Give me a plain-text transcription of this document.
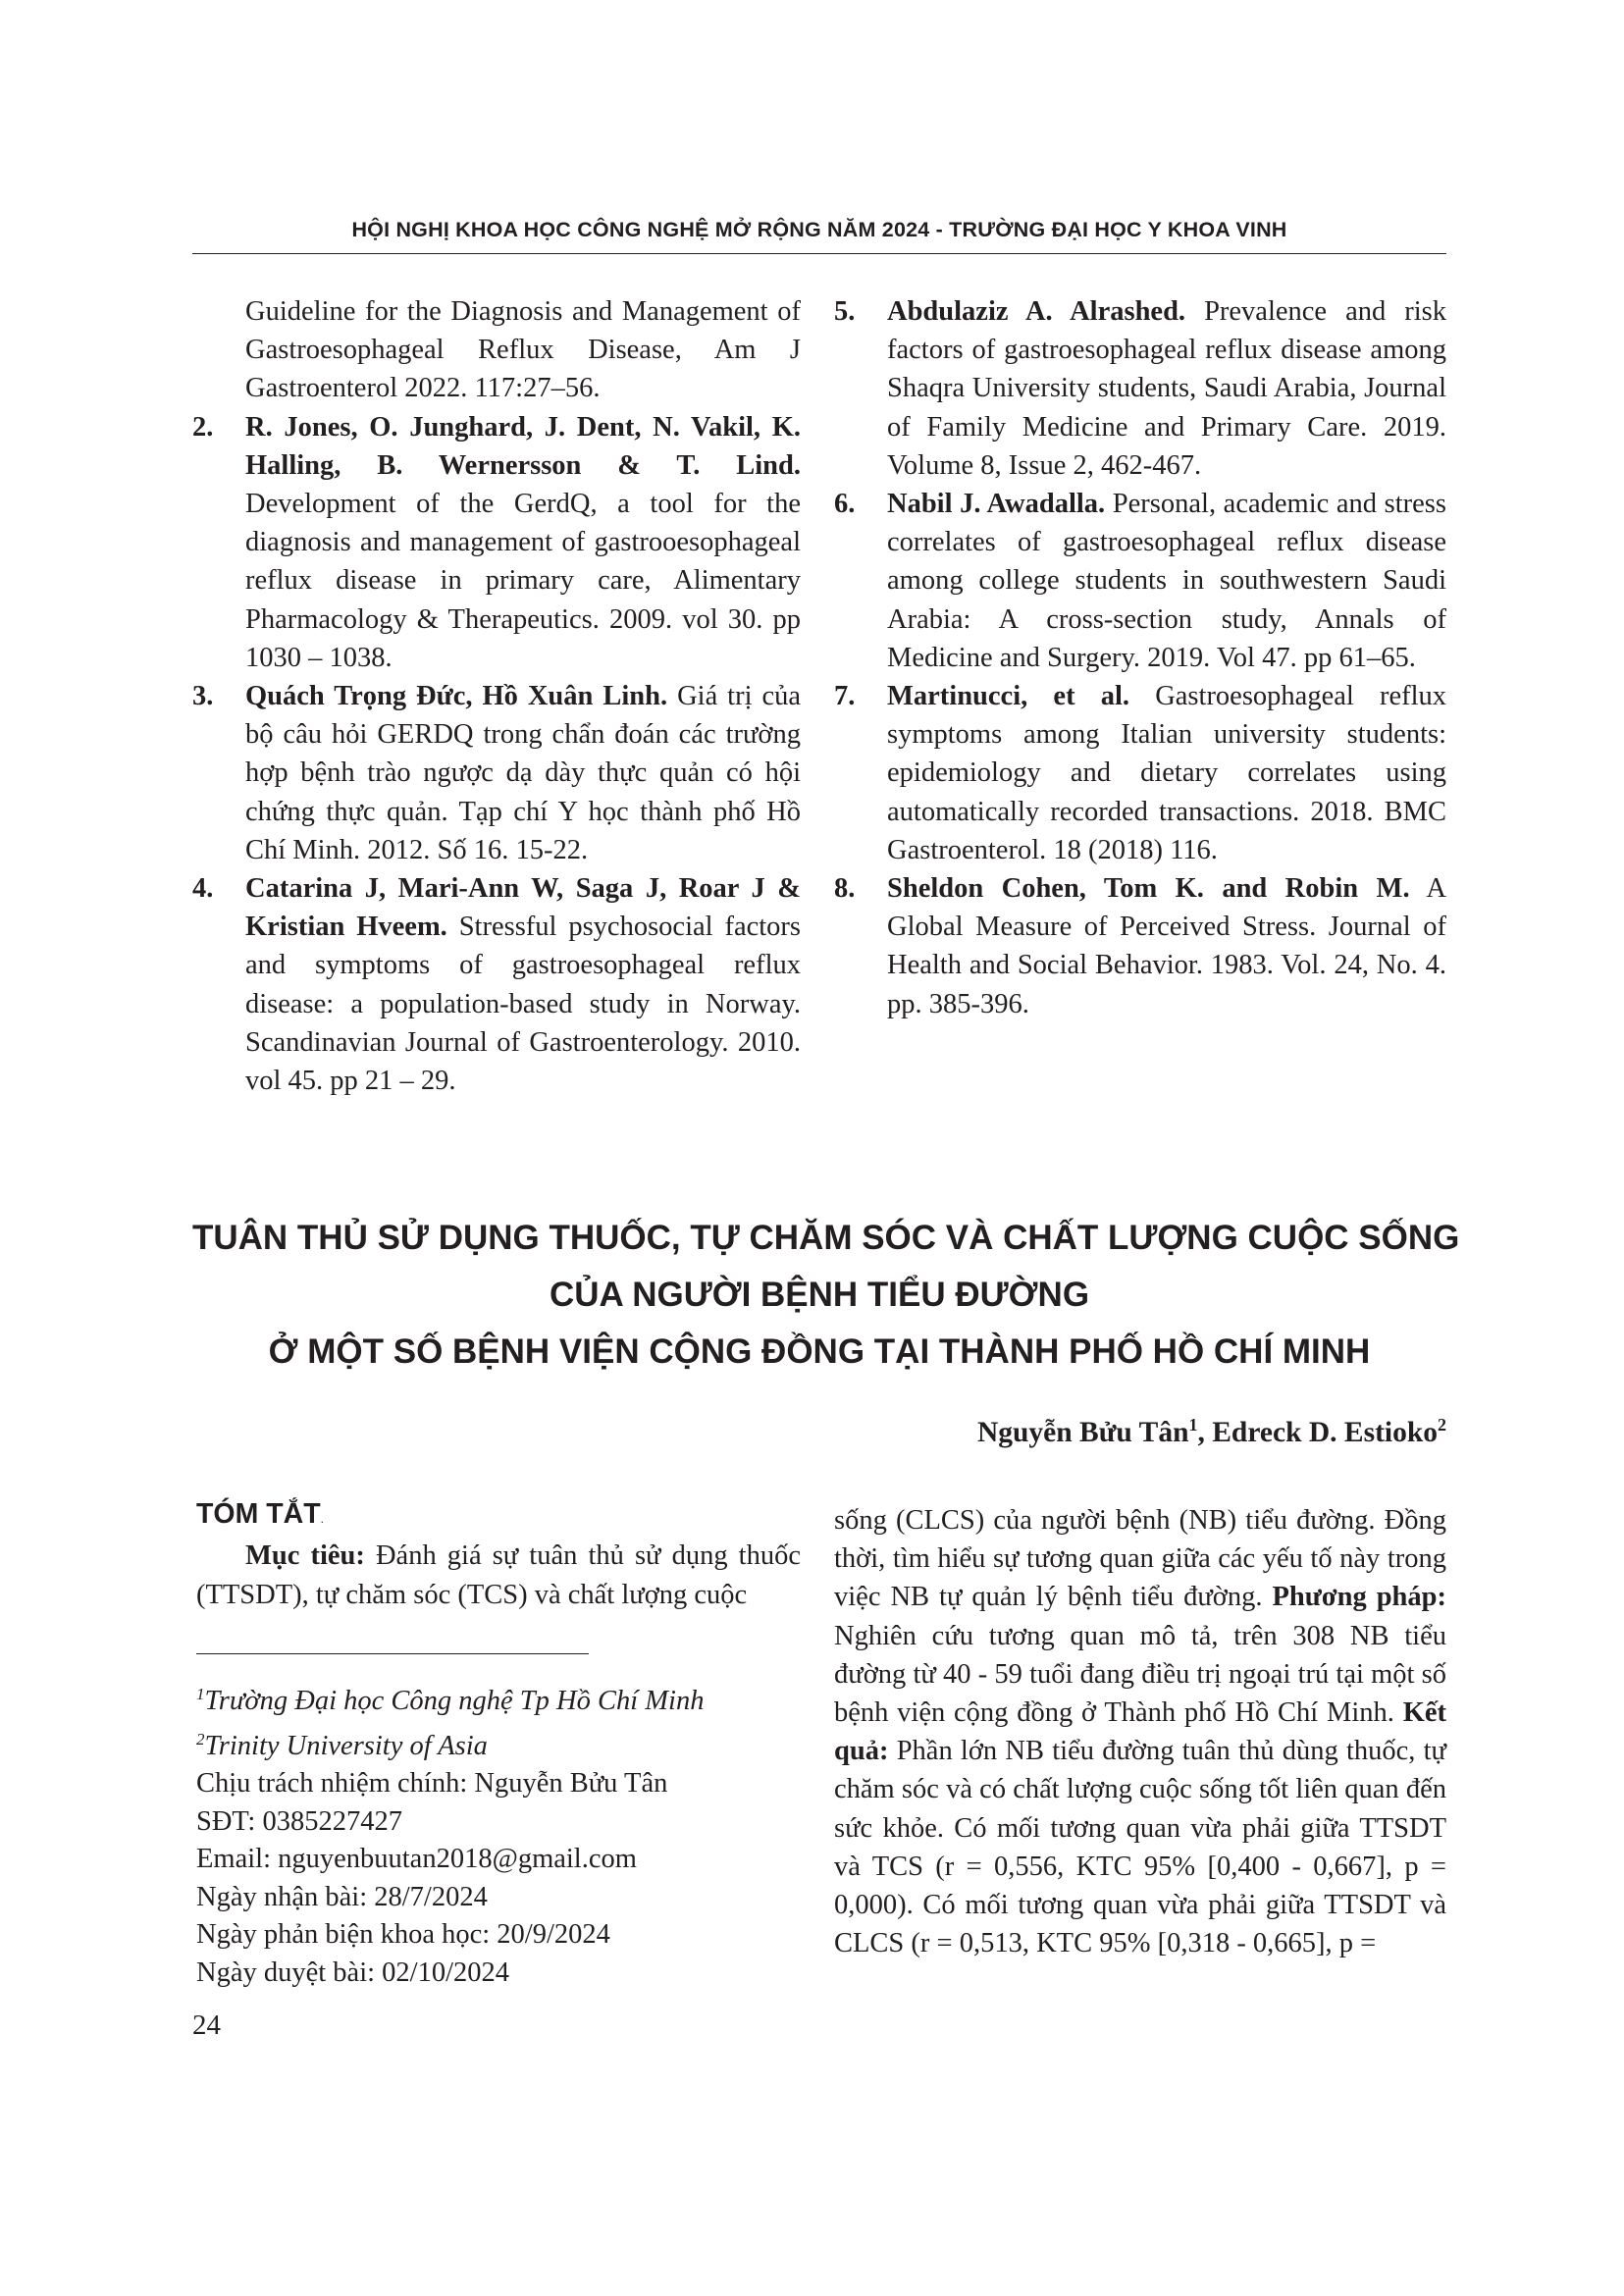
HỘI NGHỊ KHOA HỌC CÔNG NGHỆ MỞ RỘNG NĂM 2024 - TRƯỜNG ĐẠI HỌC Y KHOA VINH
Guideline for the Diagnosis and Management of Gastroesophageal Reflux Disease, Am J Gastroenterol 2022. 117:27–56.
2. R. Jones, O. Junghard, J. Dent, N. Vakil, K. Halling, B. Wernersson & T. Lind. Development of the GerdQ, a tool for the diagnosis and management of gastrooesophageal reflux disease in primary care, Alimentary Pharmacology & Therapeutics. 2009. vol 30. pp 1030 – 1038.
3. Quách Trọng Đức, Hồ Xuân Linh. Giá trị của bộ câu hỏi GERDQ trong chẩn đoán các trường hợp bệnh trào ngược dạ dày thực quản có hội chứng thực quản. Tạp chí Y học thành phố Hồ Chí Minh. 2012. Số 16. 15-22.
4. Catarina J, Mari-Ann W, Saga J, Roar J & Kristian Hveem. Stressful psychosocial factors and symptoms of gastroesophageal reflux disease: a population-based study in Norway. Scandinavian Journal of Gastroenterology. 2010. vol 45. pp 21 – 29.
5. Abdulaziz A. Alrashed. Prevalence and risk factors of gastroesophageal reflux disease among Shaqra University students, Saudi Arabia, Journal of Family Medicine and Primary Care. 2019. Volume 8, Issue 2, 462-467.
6. Nabil J. Awadalla. Personal, academic and stress correlates of gastroesophageal reflux disease among college students in southwestern Saudi Arabia: A cross-section study, Annals of Medicine and Surgery. 2019. Vol 47. pp 61–65.
7. Martinucci, et al. Gastroesophageal reflux symptoms among Italian university students: epidemiology and dietary correlates using automatically recorded transactions. 2018. BMC Gastroenterol. 18 (2018) 116.
8. Sheldon Cohen, Tom K. and Robin M. A Global Measure of Perceived Stress. Journal of Health and Social Behavior. 1983. Vol. 24, No. 4. pp. 385-396.
TUÂN THỦ SỬ DỤNG THUỐC, TỰ CHĂM SÓC VÀ CHẤT LƯỢNG CUỘC SỐNG
CỦA NGƯỜI BỆNH TIỂU ĐƯỜNG
Ở MỘT SỐ BỆNH VIỆN CỘNG ĐỒNG TẠI THÀNH PHỐ HỒ CHÍ MINH
Nguyễn Bửu Tân$^1$, Edreck D. Estioko$^2$
TÓM TẮT.
Mục tiêu: Đánh giá sự tuân thủ sử dụng thuốc (TTSDT), tự chăm sóc (TCS) và chất lượng cuộc
$^1$Trường Đại học Công nghệ Tp Hồ Chí Minh
$^2$Trinity University of Asia
Chịu trách nhiệm chính: Nguyễn Bửu Tân
SĐT: 0385227427
Email: nguyenbuutan2018@gmail.com
Ngày nhận bài: 28/7/2024
Ngày phản biện khoa học: 20/9/2024
Ngày duyệt bài: 02/10/2024
sống (CLCS) của người bệnh (NB) tiểu đường. Đồng thời, tìm hiểu sự tương quan giữa các yếu tố này trong việc NB tự quản lý bệnh tiểu đường. Phương pháp: Nghiên cứu tương quan mô tả, trên 308 NB tiểu đường từ 40 - 59 tuổi đang điều trị ngoại trú tại một số bệnh viện cộng đồng ở Thành phố Hồ Chí Minh. Kết quả: Phần lớn NB tiểu đường tuân thủ dùng thuốc, tự chăm sóc và có chất lượng cuộc sống tốt liên quan đến sức khỏe. Có mối tương quan vừa phải giữa TTSDT và TCS (r = 0,556, KTC 95% [0,400 - 0,667], p = 0,000). Có mối tương quan vừa phải giữa TTSDT và CLCS (r = 0,513, KTC 95% [0,318 - 0,665], p =
24
